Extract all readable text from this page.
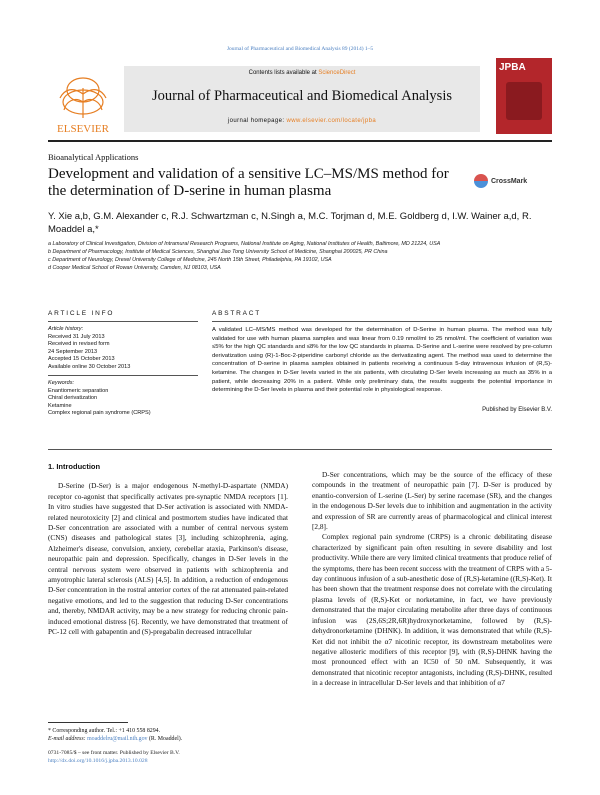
Journal of Pharmaceutical and Biomedical Analysis 89 (2014) 1–5
ELSEVIER
Contents lists available at ScienceDirect
Journal of Pharmaceutical and Biomedical Analysis
journal homepage: www.elsevier.com/locate/jpba
JPBA
Bioanalytical Applications
Development and validation of a sensitive LC–MS/MS method for the determination of D-serine in human plasma
CrossMark
Y. Xie a,b, G.M. Alexander c, R.J. Schwartzman c, N.Singh a, M.C. Torjman d, M.E. Goldberg d, I.W. Wainer a,d, R. Moaddel a,*
a Laboratory of Clinical Investigation, Division of Intramural Research Programs, National Institute on Aging, National Institutes of Health, Baltimore, MD 21224, USA
b Department of Pharmacology, Institute of Medical Sciences, Shanghai Jiao Tong University School of Medicine, Shanghai 200025, PR China
c Department of Neurology, Drexel University College of Medicine, 245 North 15th Street, Philadelphia, PA 19102, USA
d Cooper Medical School of Rowan University, Camden, NJ 08103, USA
ARTICLE INFO
Article history:
Received 31 July 2013
Received in revised form
24 September 2013
Accepted 15 October 2013
Available online 30 October 2013
Keywords:
Enantiomeric separation
Chiral derivatization
Ketamine
Complex regional pain syndrome (CRPS)
ABSTRACT
A validated LC–MS/MS method was developed for the determination of D-Serine in human plasma. The method was fully validated for use with human plasma samples and was linear from 0.19 nmol/ml to 25 nmol/ml. The coefficient of variation was ≤5% for the high QC standards and ≤8% for the low QC standards in plasma. D-Serine and L-serine were resolved by pre-column derivatization using (R)-1-Boc-2-piperidine carbonyl chloride as the derivatizating agent. The method was used to determine the concentration of D-serine in plasma samples obtained in patients receiving a continuous 5-day intravenous infusion of (R,S)-ketamine. The changes in D-Ser levels varied in the six patients, with circulating D-Ser levels increasing as much as 35% in a patient, while decreasing 20% in a patient. While only preliminary data, the results suggests the potential importance in determining the D-Ser levels in plasma and their potential role in physiological response.
Published by Elsevier B.V.
1. Introduction

D-Serine (D-Ser) is a major endogenous N-methyl-D-aspartate (NMDA) receptor co-agonist that specifically activates pre-synaptic NMDA receptors [1]. In vitro studies have suggested that D-Ser activation is associated with NMDA-related neurotoxicity [2] and clinical and postmortem studies have indicated that D-Ser concentration are associated with a number of central nervous system (CNS) diseases and pathological states [3], including schizophrenia, aging, Alzheimer's disease, convulsion, anxiety, cerebellar ataxia, Parkinson's disease, neuropathic pain and depression. Specifically, changes in D-Ser levels in the central nervous system were observed in patients with schizophrenia and amyotrophic lateral sclerosis (ALS) [4,5]. In addition, a reduction of endogenous D-Ser concentration in the rostral anterior cortex of the rat attenuated pain-related negative emotions, and led to the suggestion that reducing D-Ser concentrations and, thereby, NMDAR activity, may be a new strategy for reducing chronic pain-induced emotional distress [6]. Recently, we have demonstrated that treatment of PC-12 cell with gabapentin and (S)-pregabalin decreased intracellular

D-Ser concentrations, which may be the source of the efficacy of these compounds in the treatment of neuropathic pain [7]. D-Ser is produced by enantio-conversion of L-serine (L-Ser) by serine racemase (SR), and the changes in the endogenous D-Ser levels due to inhibition and augmentation in the activity and expression of SR are currently areas of pharmacological and clinical interest [2,8].

Complex regional pain syndrome (CRPS) is a chronic debilitating disease characterized by significant pain often resulting in severe disability and lost productivity. While there are very limited clinical treatments that produce relief of the symptoms, there has been recent success with the treatment of CRPS with a 5-day continuous infusion of a sub-anesthetic dose of (R,S)-ketamine ((R,S)-Ket). It has been shown that the treatment response does not correlate with the circulating plasma levels of (R,S)-Ket or norketamine, in fact, we have previously demonstrated that the major circulating metabolite after three days of continuous infusion was (2S,6S;2R,6R)hydroxynorketamine, followed by (R,S)-dehydronorketamine (DHNK). In addition, it was demonstrated that while (R,S)-Ket did not inhibit the α7 nicotinic receptor, its downstream metabolites were negative allosteric modifiers of this receptor [9], with (R,S)-DHNK having the most pronounced effect with an IC50 of 50 nM. Subsequently, it was demonstrated that nicotinic receptor antagonists, including (R,S)-DHNK, resulted in a decrease in intracellular D-Ser levels and that inhibition of α7

* Corresponding author. Tel.: +1 410 558 8294.
E-mail address: moaddelru@mail.nih.gov (R. Moaddel).
0731-7085/$ – see front matter. Published by Elsevier B.V.
http://dx.doi.org/10.1016/j.jpba.2013.10.028
